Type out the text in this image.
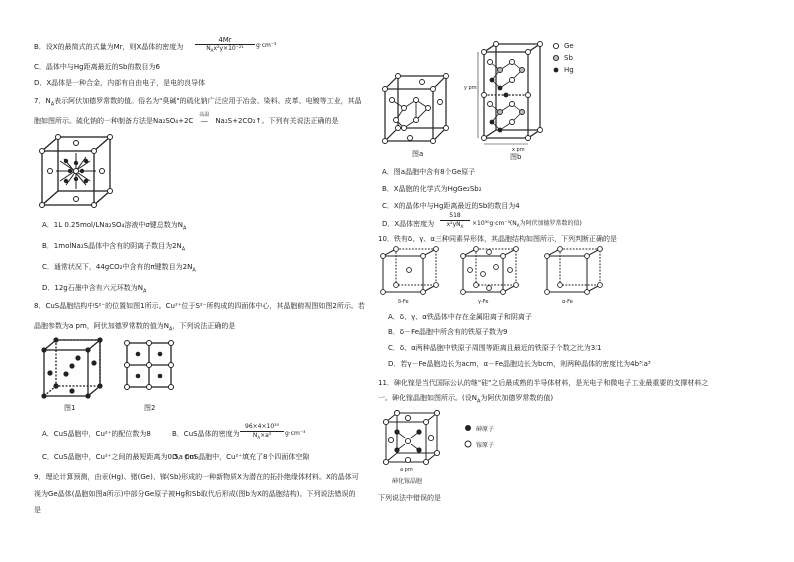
B．设X的最简式的式量为Mr，则X晶体的密度为
4Mr
$N_Ax^2y\times 10^{-21}$	g·cm⁻³
C．晶体中与Hg距离最近的Sb的数目为6
D．X晶体是一种合金，内部有自由电子，是电的良导体
7．$N_A$表示阿伏加德罗常数的值。俗名为"臭碱"的硫化钠广泛应用于冶金、染料、皮革、电镀等工业，其晶
胞如图所示。硫化钠的一种制备方法是Na₂SO₄+2C
高温
⎯⎯ Na₂S+2CO₂↑。下列有关说法正确的是
A．1L 0.25mol/LNa₂SO₄溶液中σ键总数为$N_A$
B．1molNa₂S晶体中含有的阴离子数目为$2N_A$
C．通常状况下，44gCO₂中含有的π键数目为$2N_A$
D．12g石墨中含有六元环数为$N_A$
8．CuS晶胞结构中S²⁻的位置如图1所示。Cu²⁺位于S²⁻所构成的四面体中心，其晶胞俯视图如图2所示。若
晶胞参数为a pm，阿伏加德罗常数的值为$N_A$，下列说法正确的是
图1	图2
A．CuS晶胞中，Cu²⁺的配位数为8	B．CuS晶体的密度为
96×4×10³⁰
$N_A\times a^3$	g·cm⁻³
C．CuS晶胞中，Cu²⁺之间的最短距离为0.5a pm
D．CuS晶胞中，Cu²⁺填充了8个四面体空隙
9．理论计算预测，由汞(Hg)、锗(Ge)、锑(Sb)形成的一种新物质X为潜在的拓扑绝缘体材料。X的晶体可
视为Ge晶体(晶胞如图a所示)中部分Ge原子被Hg和Sb取代后形成(图b为X的晶胞结构)。下列说法错误的
是
图a
y pm
x pm
图b
Ge
Sb
Hg
A．图a晶胞中含有8个Ge原子
B．X晶胞的化学式为HgGe₂Sb₂
C．X的晶体中与Hg距离最近的Sb的数目为4
D．X晶体密度为
518
$x^2yN_A$	$\times 10^{30}g\cdot cm^{-3}(N_A$为阿伏加德罗常数的值)
10．铁有δ、γ、α三种同素异形体，其晶胞结构如图所示，下列判断正确的是
δ-Fe	γ-Fe	α-Fe
A．δ、γ、α铁晶体中存在金属阳离子和阴离子
B．δ－Fe晶胞中所含有的铁原子数为9
C．δ、α两种晶胞中铁原子周围等距离且最近的铁原子个数之比为3∶1
D．若γ－Fe晶胞边长为acm，α－Fe晶胞边长为bcm，则两种晶体的密度比为4b³∶a³
11．砷化镓是当代国际公认的继"硅"之后最成熟的半导体材料，是光电子和微电子工业最重要的支撑材料之
一。砷化镓晶胞如图所示。(设$N_A$为阿伏加德罗常数的值)
a pm
砷化镓晶胞
砷原子
镓原子
下列说法中错误的是
